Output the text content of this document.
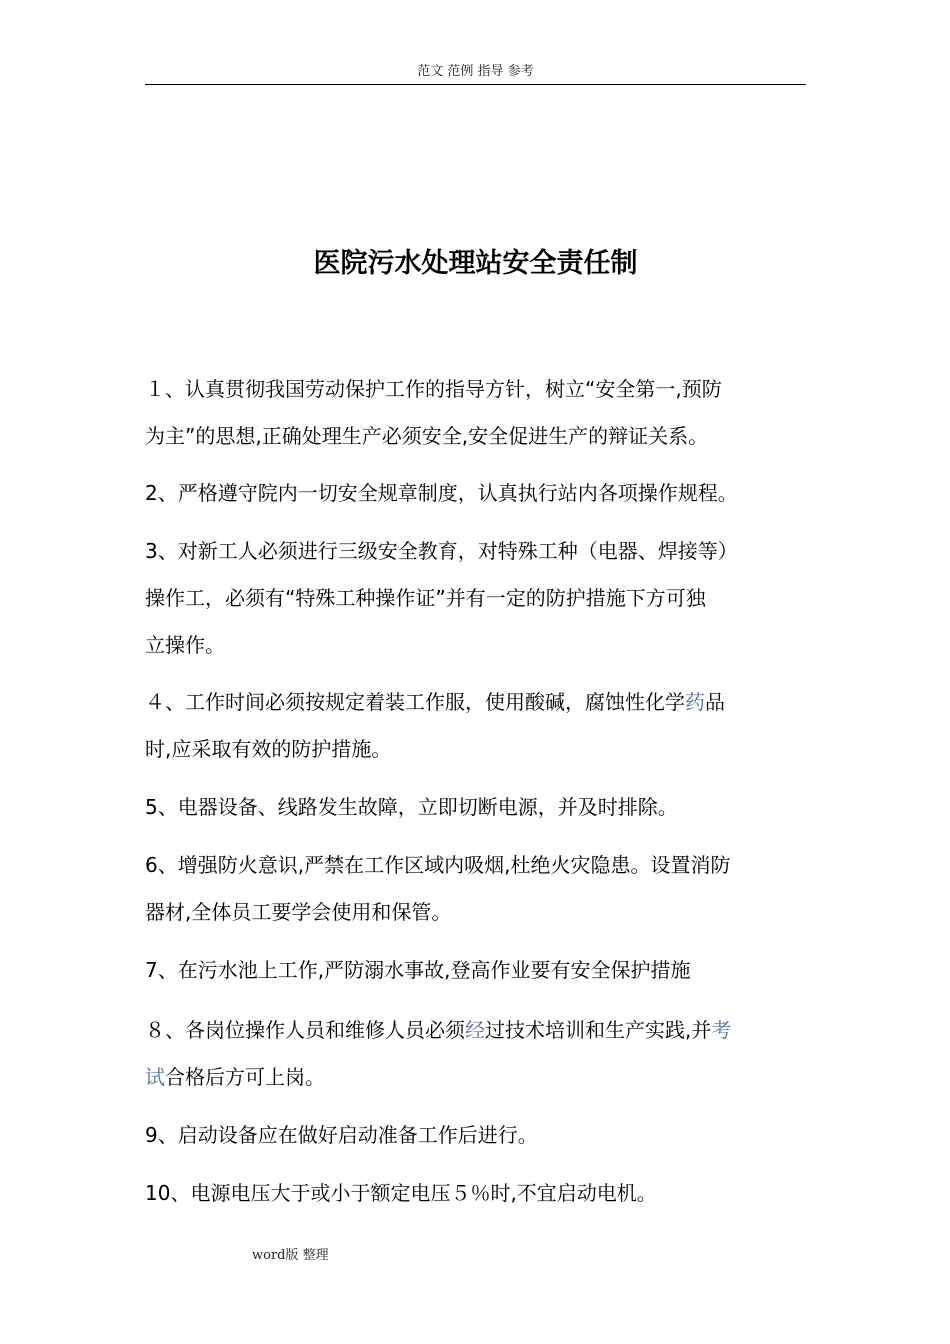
范文 范例 指导 参考
医院污水处理站安全责任制
１、认真贯彻我国劳动保护工作的指导方针，树立“安全第一,预防
为主”的思想,正确处理生产必须安全,安全促进生产的辩证关系。
2、严格遵守院内一切安全规章制度，认真执行站内各项操作规程。
3、对新工人必须进行三级安全教育，对特殊工种（电器、焊接等）
操作工，必须有“特殊工种操作证”并有一定的防护措施下方可独
立操作。
４、工作时间必须按规定着装工作服，使用酸碱，腐蚀性化学药品
时,应采取有效的防护措施。
5、电器设备、线路发生故障，立即切断电源，并及时排除。
6、增强防火意识,严禁在工作区域内吸烟,杜绝火灾隐患。设置消防
器材,全体员工要学会使用和保管。
7、在污水池上工作,严防溺水事故,登高作业要有安全保护措施
８、各岗位操作人员和维修人员必须经过技术培训和生产实践,并考
试合格后方可上岗。
9、启动设备应在做好启动准备工作后进行。
10、电源电压大于或小于额定电压５％时,不宜启动电机。
word版 整理
